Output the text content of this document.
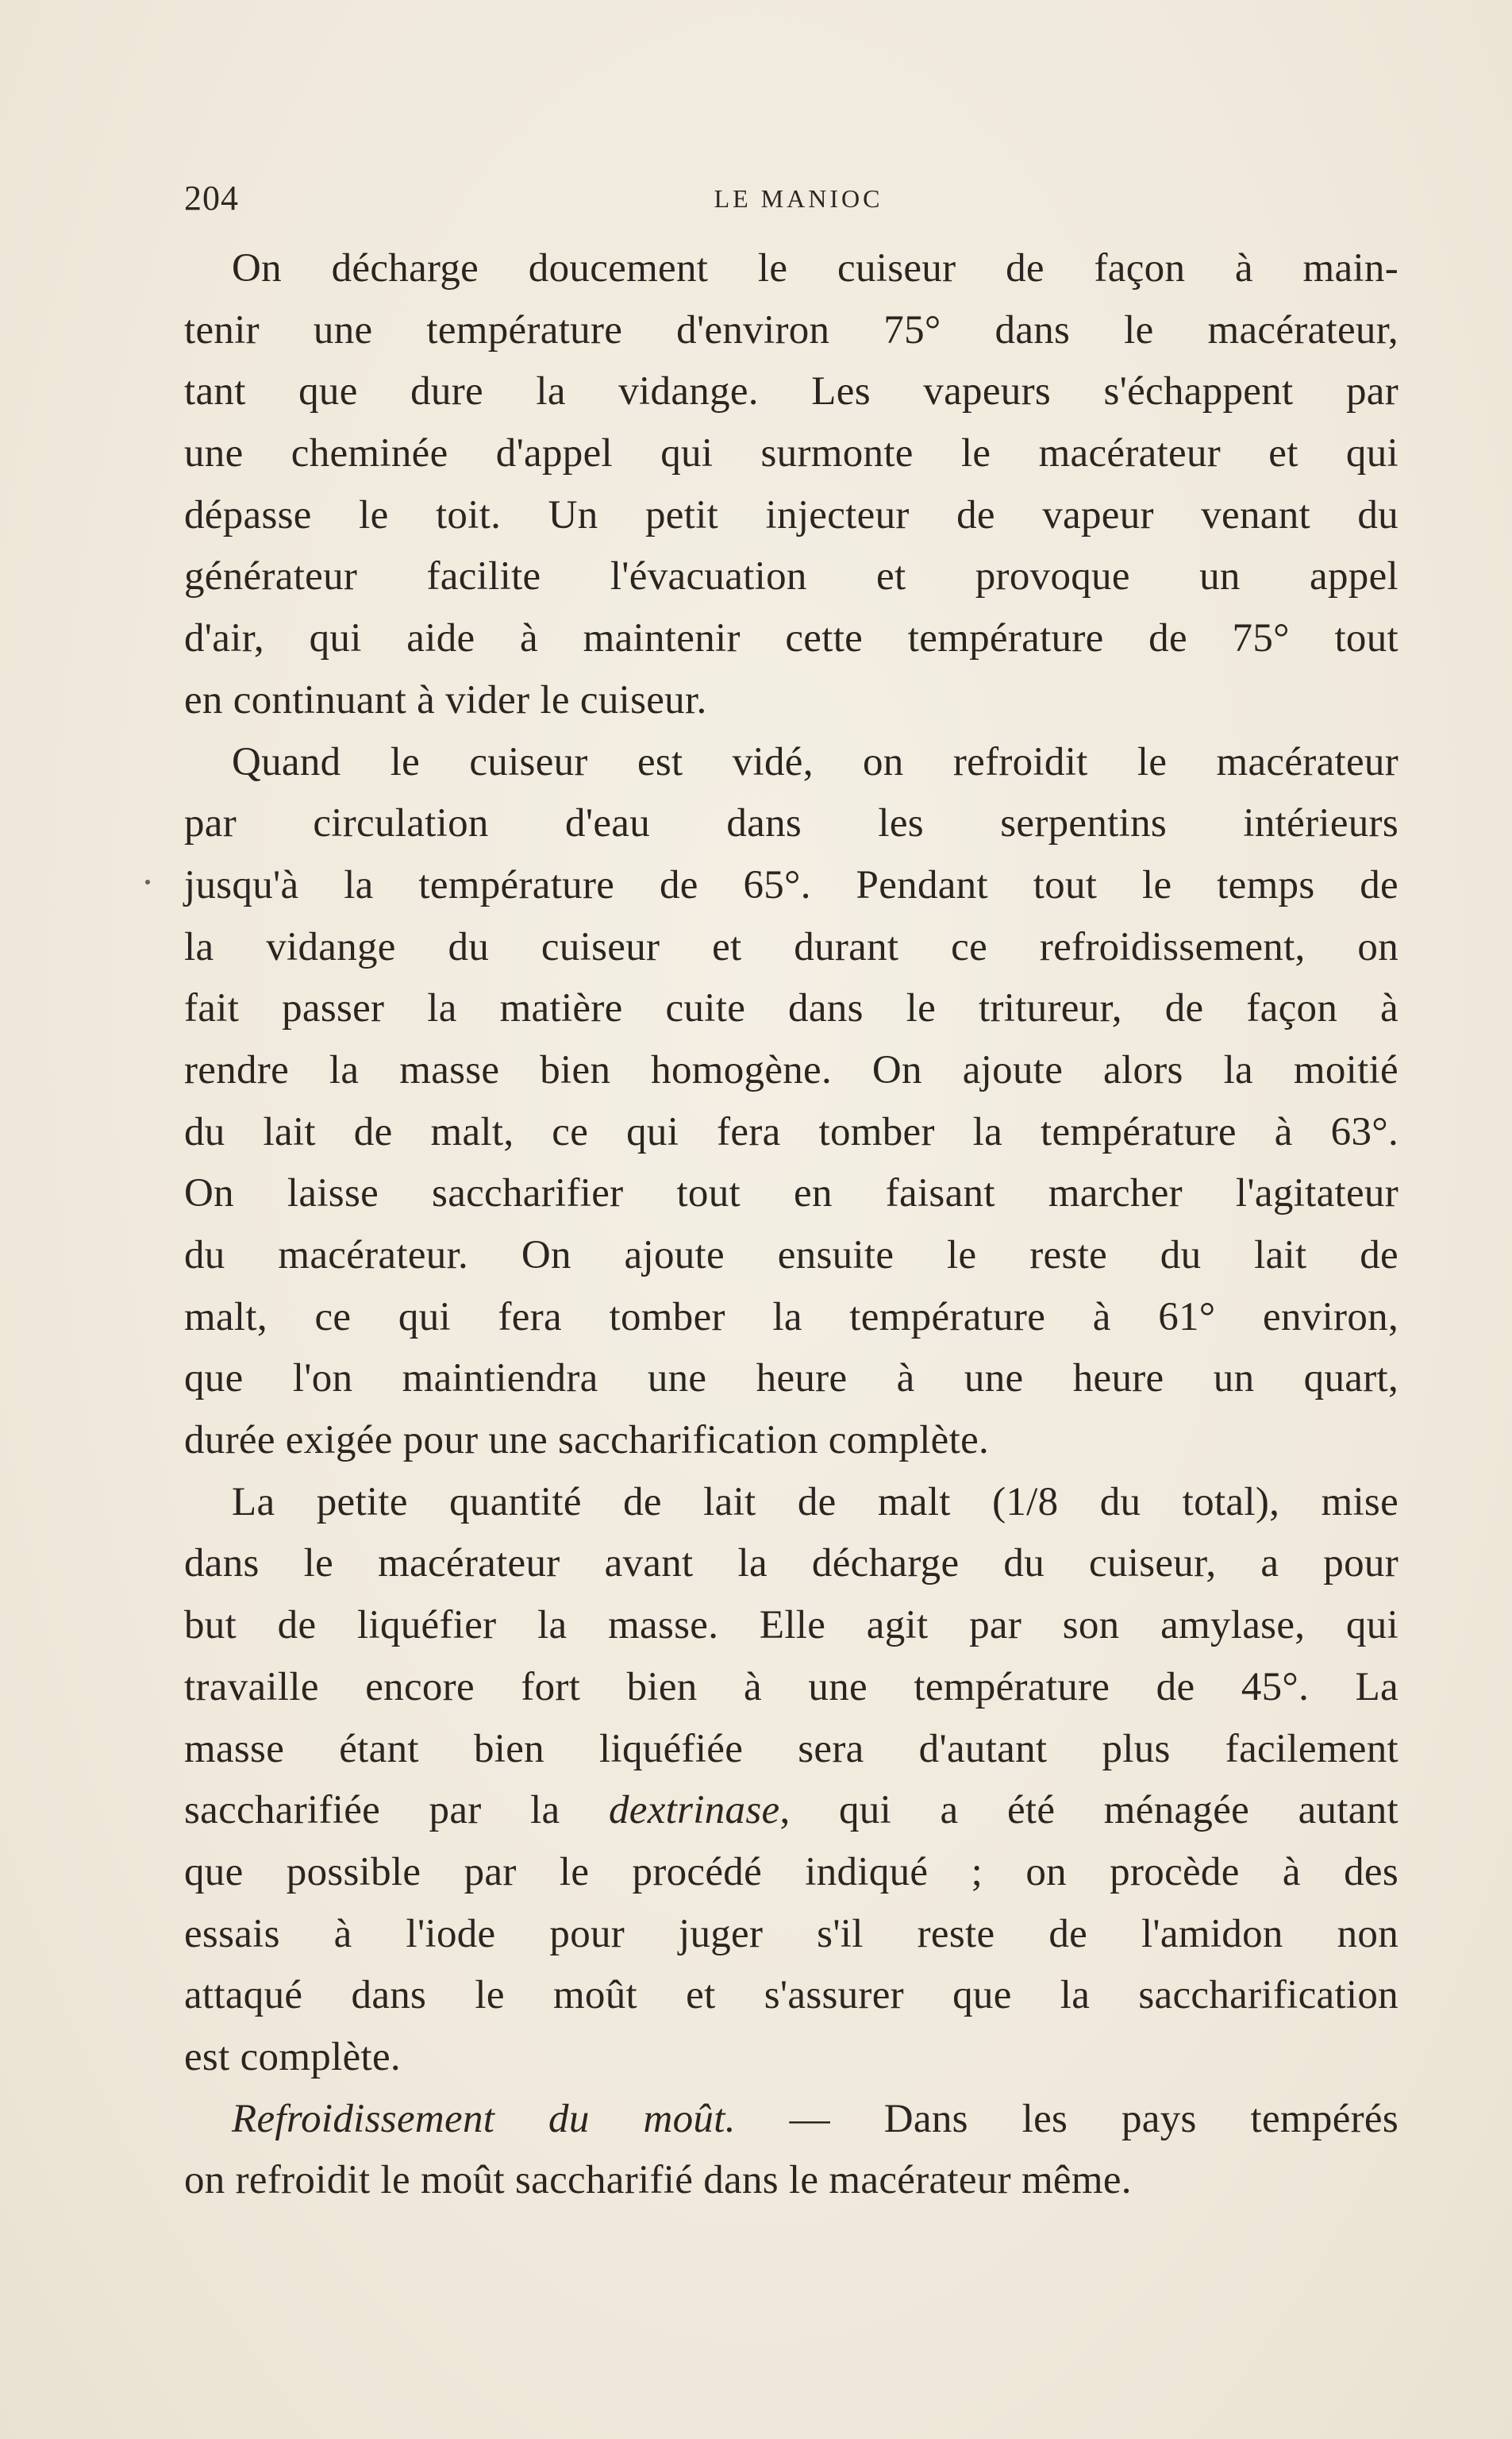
204	LE MANIOC
On décharge doucement le cuiseur de façon à main-
tenir une température d'environ 75° dans le macérateur,
tant que dure la vidange. Les vapeurs s'échappent par
une cheminée d'appel qui surmonte le macérateur et qui
dépasse le toit. Un petit injecteur de vapeur venant du
générateur facilite l'évacuation et provoque un appel
d'air, qui aide à maintenir cette température de 75° tout
en continuant à vider le cuiseur.
Quand le cuiseur est vidé, on refroidit le macérateur
par circulation d'eau dans les serpentins intérieurs
jusqu'à la température de 65°. Pendant tout le temps de
la vidange du cuiseur et durant ce refroidissement, on
fait passer la matière cuite dans le tritureur, de façon à
rendre la masse bien homogène. On ajoute alors la moitié
du lait de malt, ce qui fera tomber la température à 63°.
On laisse saccharifier tout en faisant marcher l'agitateur
du macérateur. On ajoute ensuite le reste du lait de
malt, ce qui fera tomber la température à 61° environ,
que l'on maintiendra une heure à une heure un quart,
durée exigée pour une saccharification complète.
La petite quantité de lait de malt (1/8 du total), mise
dans le macérateur avant la décharge du cuiseur, a pour
but de liquéfier la masse. Elle agit par son amylase, qui
travaille encore fort bien à une température de 45°. La
masse étant bien liquéfiée sera d'autant plus facilement
saccharifiée par la dextrinase, qui a été ménagée autant
que possible par le procédé indiqué ; on procède à des
essais à l'iode pour juger s'il reste de l'amidon non
attaqué dans le moût et s'assurer que la saccharification
est complète.
Refroidissement du moût. — Dans les pays tempérés
on refroidit le moût saccharifié dans le macérateur même.
